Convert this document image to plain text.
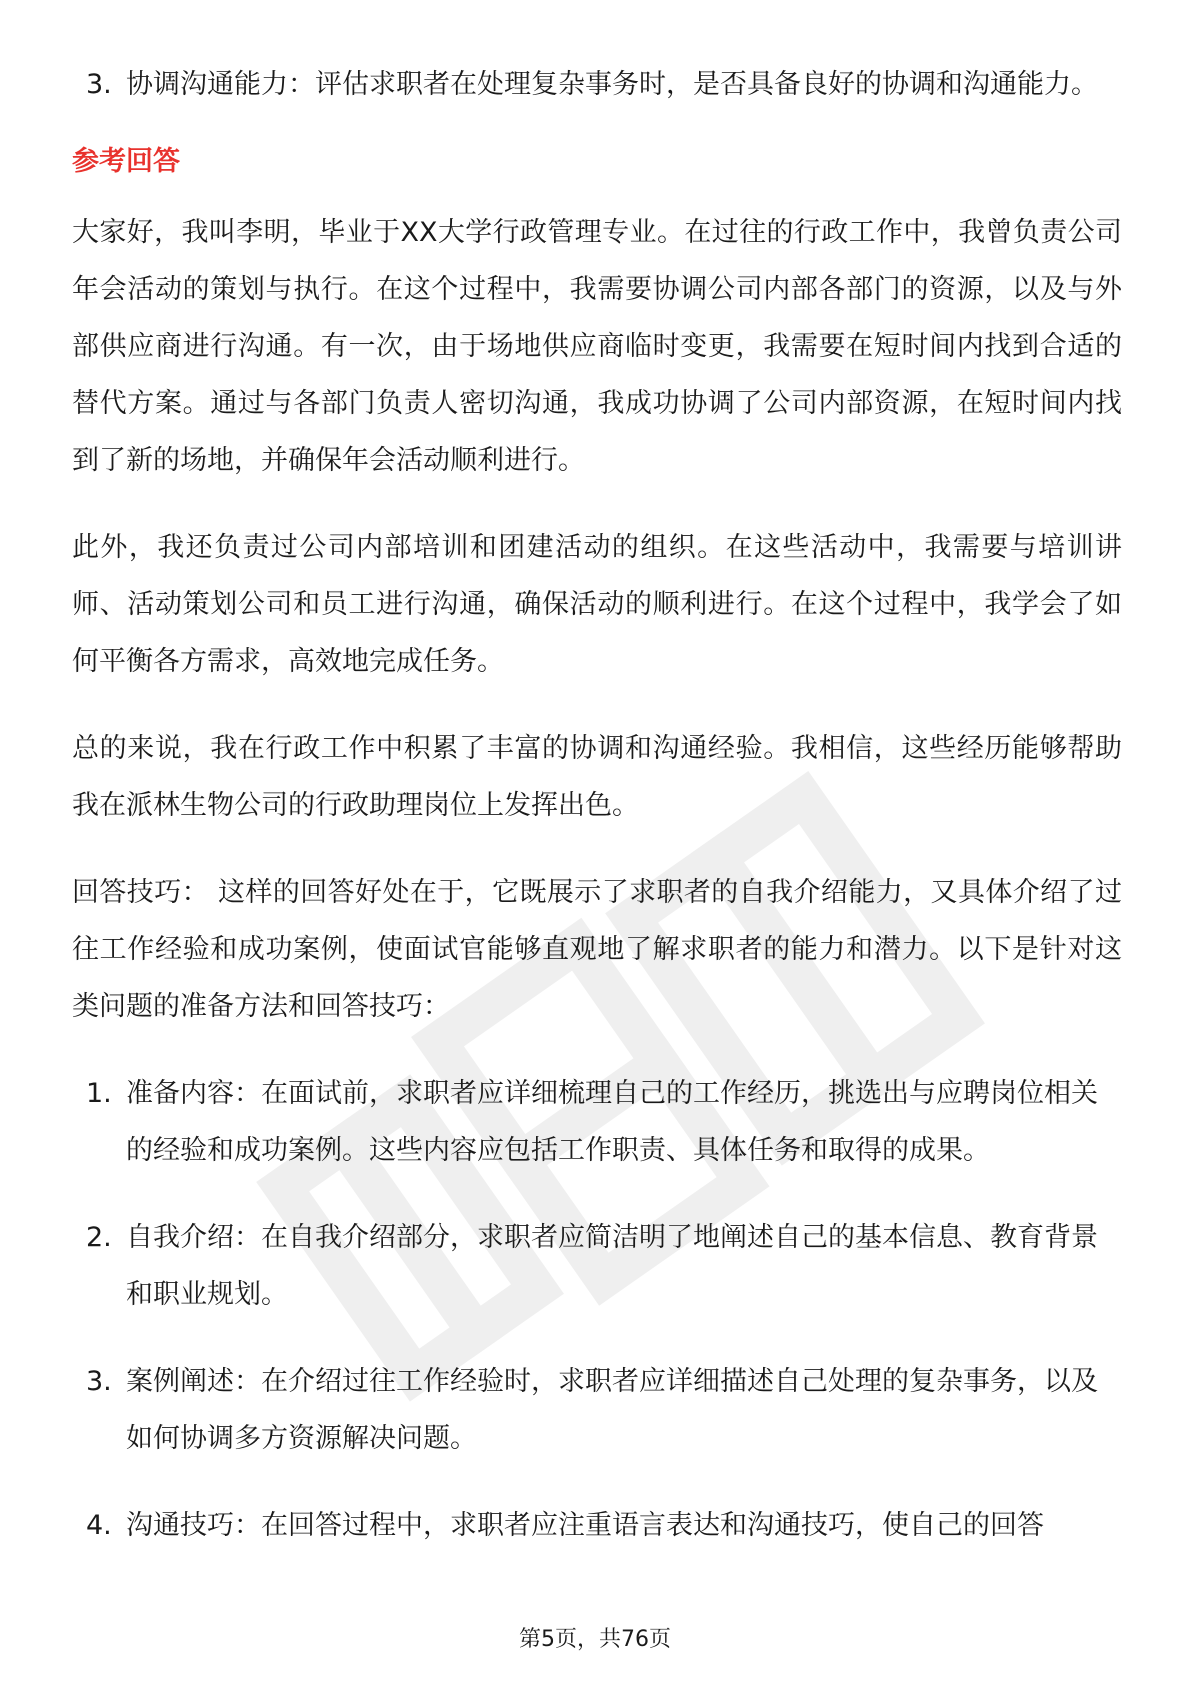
3. 协调沟通能力：评估求职者在处理复杂事务时，是否具备良好的协调和沟通能力。

参考回答

大家好，我叫李明，毕业于XX大学行政管理专业。在过往的行政工作中，我曾负责公司年会活动的策划与执行。在这个过程中，我需要协调公司内部各部门的资源，以及与外部供应商进行沟通。有一次，由于场地供应商临时变更，我需要在短时间内找到合适的替代方案。通过与各部门负责人密切沟通，我成功协调了公司内部资源，在短时间内找到了新的场地，并确保年会活动顺利进行。

此外，我还负责过公司内部培训和团建活动的组织。在这些活动中，我需要与培训讲师、活动策划公司和员工进行沟通，确保活动的顺利进行。在这个过程中，我学会了如何平衡各方需求，高效地完成任务。

总的来说，我在行政工作中积累了丰富的协调和沟通经验。我相信，这些经历能够帮助我在派林生物公司的行政助理岗位上发挥出色。

回答技巧： 这样的回答好处在于，它既展示了求职者的自我介绍能力，又具体介绍了过往工作经验和成功案例，使面试官能够直观地了解求职者的能力和潜力。以下是针对这类问题的准备方法和回答技巧：

1. 准备内容：在面试前，求职者应详细梳理自己的工作经历，挑选出与应聘岗位相关的经验和成功案例。这些内容应包括工作职责、具体任务和取得的成果。

2. 自我介绍：在自我介绍部分，求职者应简洁明了地阐述自己的基本信息、教育背景和职业规划。

3. 案例阐述：在介绍过往工作经验时，求职者应详细描述自己处理的复杂事务，以及如何协调多方资源解决问题。

4. 沟通技巧：在回答过程中，求职者应注重语言表达和沟通技巧，使自己的回答

第5页，共76页
